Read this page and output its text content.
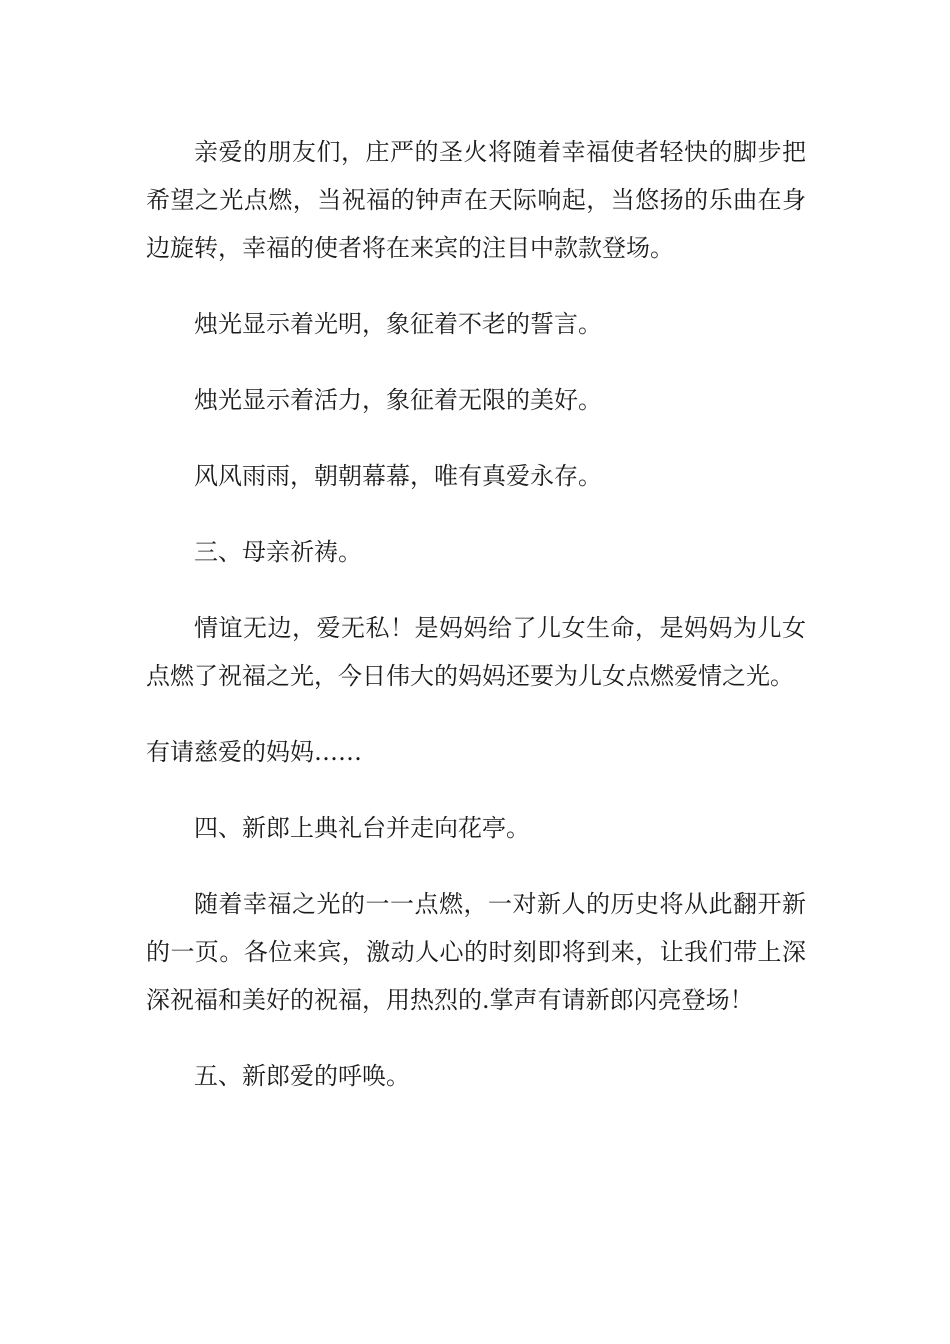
亲爱的朋友们，庄严的圣火将随着幸福使者轻快的脚步把希望之光点燃，当祝福的钟声在天际响起，当悠扬的乐曲在身边旋转，幸福的使者将在来宾的注目中款款登场。

烛光显示着光明，象征着不老的誓言。

烛光显示着活力，象征着无限的美好。

风风雨雨，朝朝幕幕，唯有真爱永存。

三、母亲祈祷。

情谊无边，爱无私！是妈妈给了儿女生命，是妈妈为儿女点燃了祝福之光，今日伟大的妈妈还要为儿女点燃爱情之光。

有请慈爱的妈妈……

四、新郎上典礼台并走向花亭。

随着幸福之光的一一点燃，一对新人的历史将从此翻开新的一页。各位来宾，激动人心的时刻即将到来，让我们带上深深祝福和美好的祝福，用热烈的.掌声有请新郎闪亮登场！

五、新郎爱的呼唤。
